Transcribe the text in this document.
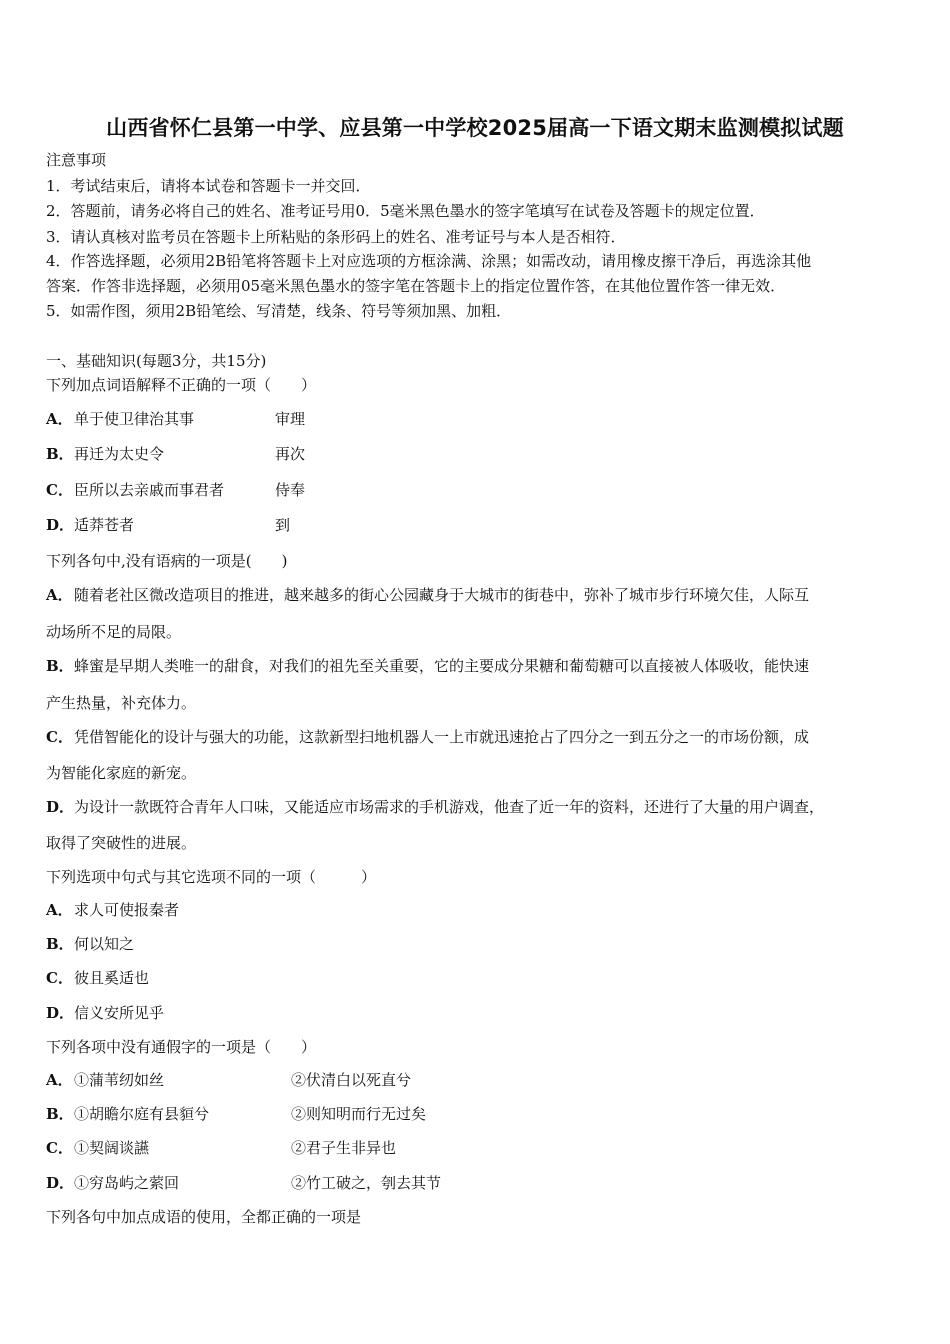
山西省怀仁县第一中学、应县第一中学校2025届高一下语文期末监测模拟试题
注意事项
1．考试结束后，请将本试卷和答题卡一并交回．
2．答题前，请务必将自己的姓名、准考证号用0．5毫米黑色墨水的签字笔填写在试卷及答题卡的规定位置．
3．请认真核对监考员在答题卡上所粘贴的条形码上的姓名、准考证号与本人是否相符．
4．作答选择题，必须用2B铅笔将答题卡上对应选项的方框涂满、涂黑；如需改动，请用橡皮擦干净后，再选涂其他
答案．作答非选择题，必须用05毫米黑色墨水的签字笔在答题卡上的指定位置作答，在其他位置作答一律无效．
5．如需作图，须用2B铅笔绘、写清楚，线条、符号等须加黑、加粗．
一、基础知识(每题3分，共15分)
下列加点词语解释不正确的一项（　　）
A．单于使卫律治其事	审理
B．再迁为太史令	再次
C．臣所以去亲戚而事君者	侍奉
D．适莽苍者	到
下列各句中,没有语病的一项是(　　)
A．随着老社区微改造项目的推进，越来越多的街心公园藏身于大城市的街巷中，弥补了城市步行环境欠佳，人际互
动场所不足的局限。
B．蜂蜜是早期人类唯一的甜食，对我们的祖先至关重要，它的主要成分果糖和葡萄糖可以直接被人体吸收，能快速
产生热量，补充体力。
C．凭借智能化的设计与强大的功能，这款新型扫地机器人一上市就迅速抢占了四分之一到五分之一的市场份额，成
为智能化家庭的新宠。
D．为设计一款既符合青年人口味，又能适应市场需求的手机游戏，他查了近一年的资料，还进行了大量的用户调查，
取得了突破性的进展。
下列选项中句式与其它选项不同的一项（　　　）
A．求人可使报秦者
B．何以知之
C．彼且奚适也
D．信义安所见乎
下列各项中没有通假字的一项是（　　）
A．①蒲苇纫如丝	②伏清白以死直兮
B．①胡瞻尔庭有县貆兮	②则知明而行无过矣
C．①契阔谈讌	②君子生非异也
D．①穷岛屿之萦回	②竹工破之，刳去其节
下列各句中加点成语的使用，全都正确的一项是
